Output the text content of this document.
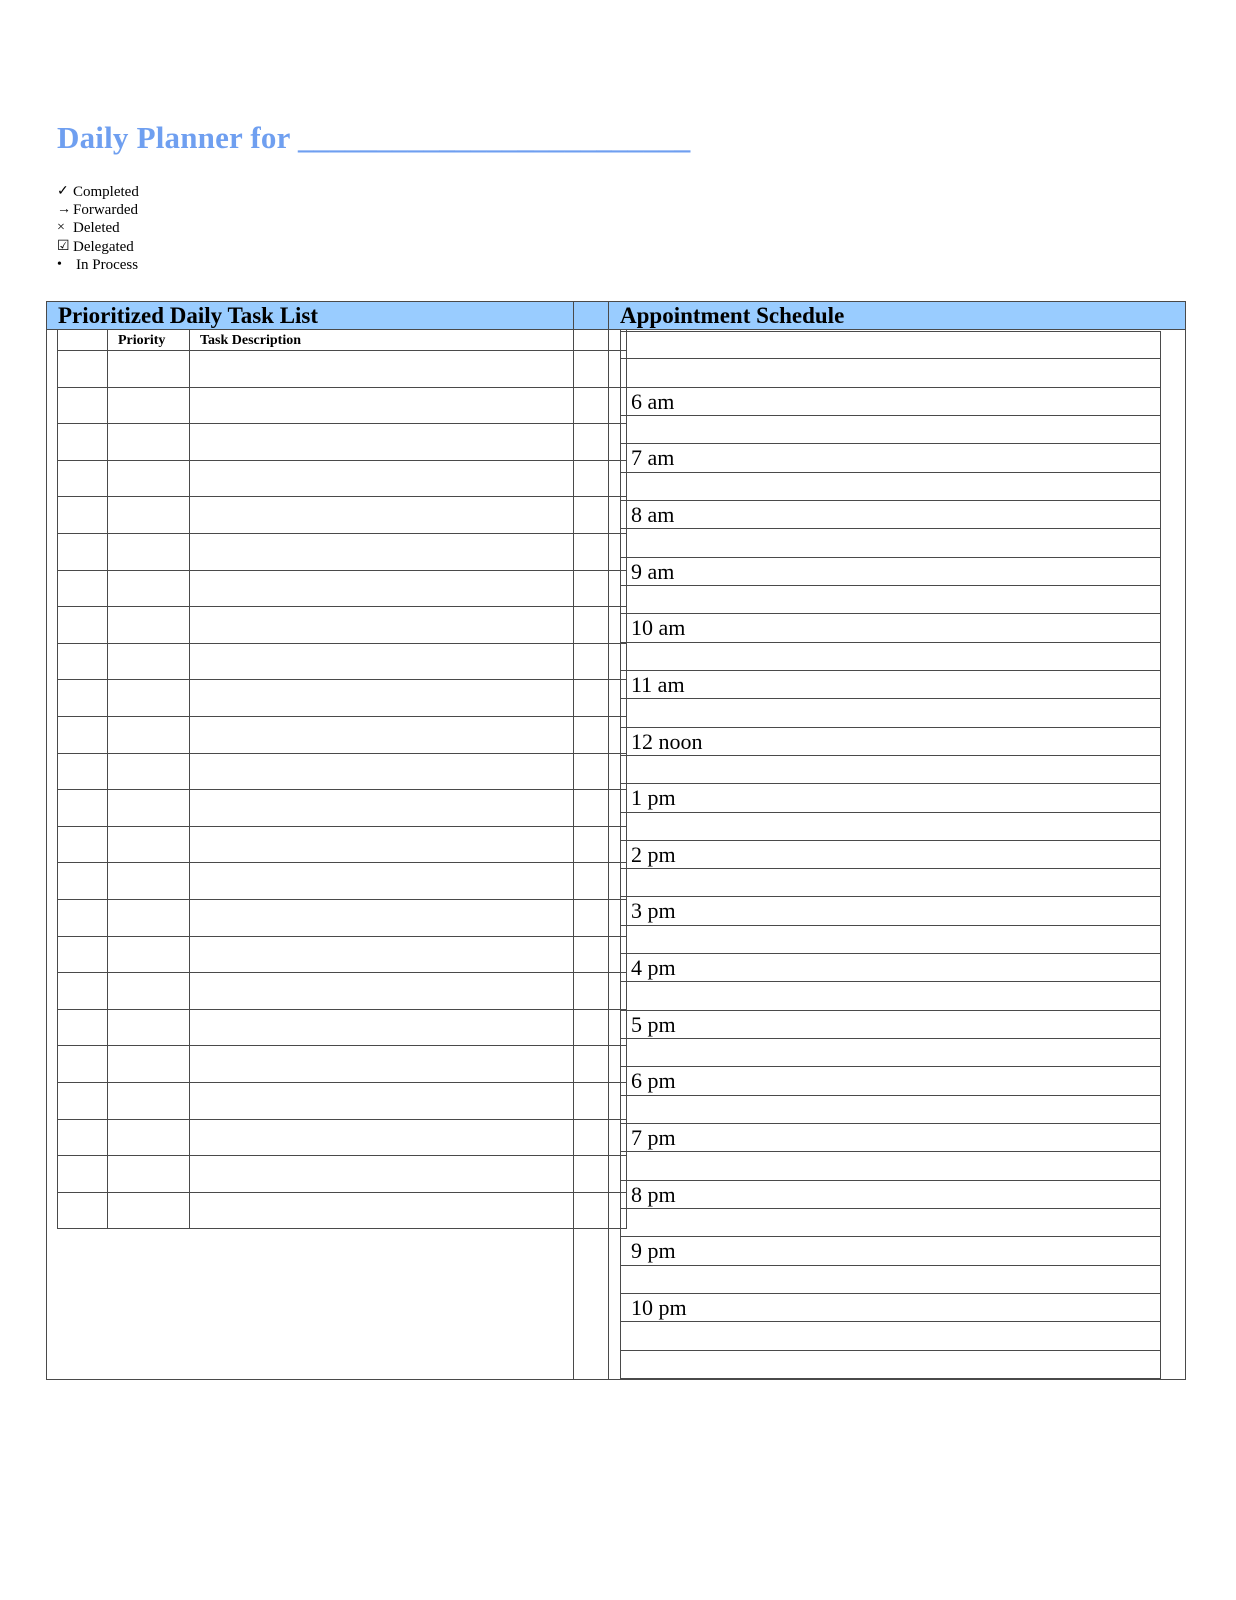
Daily Planner for _________________________
✓ Completed
→ Forwarded
× Deleted
☑ Delegated
• In Process
Prioritized Daily Task List	Appointment Schedule
Priority Task Description
6 am
7 am
8 am
9 am
10 am
11 am
12 noon
1 pm
2 pm
3 pm
4 pm
5 pm
6 pm
7 pm
8 pm
9 pm
10 pm
